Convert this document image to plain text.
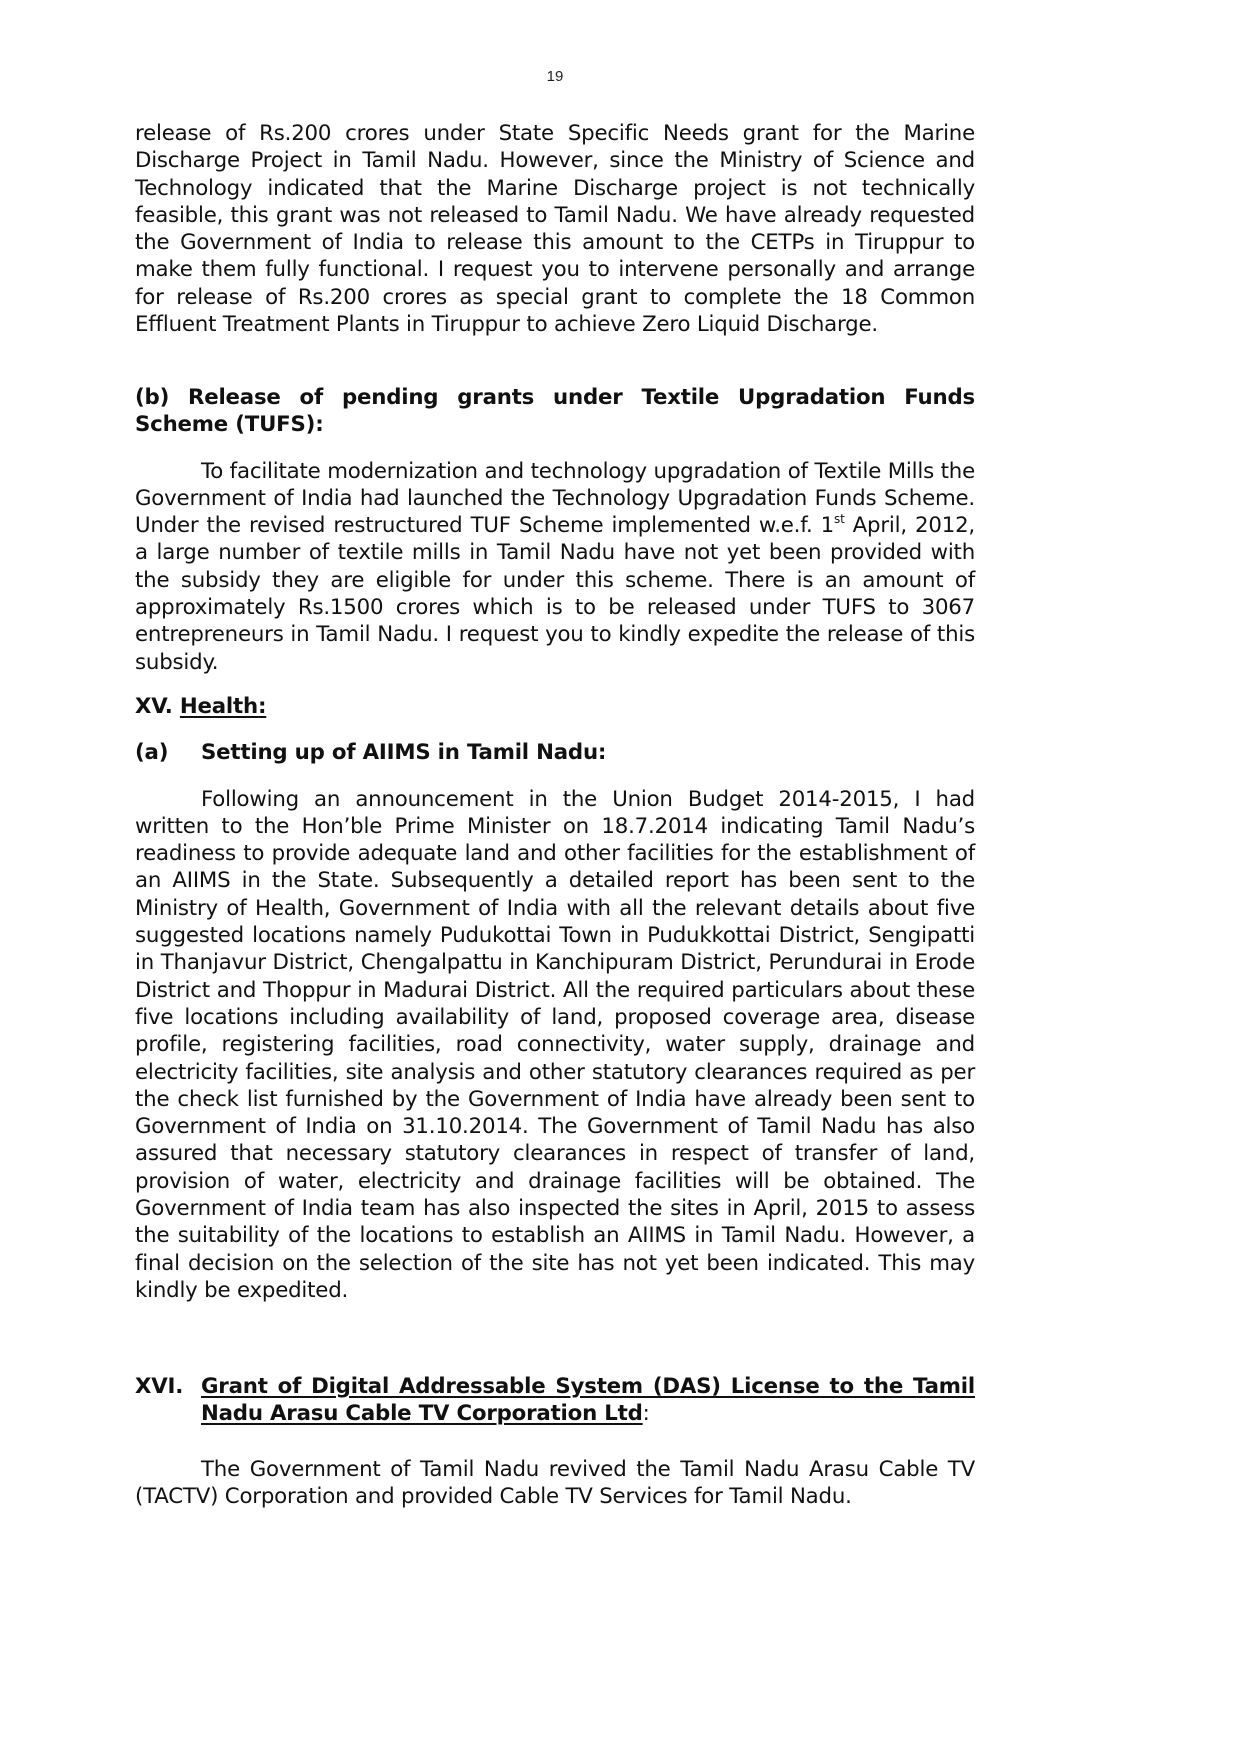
19

release of Rs.200 crores under State Specific Needs grant for the Marine Discharge Project in Tamil Nadu. However, since the Ministry of Science and Technology indicated that the Marine Discharge project is not technically feasible, this grant was not released to Tamil Nadu. We have already requested the Government of India to release this amount to the CETPs in Tiruppur to make them fully functional. I request you to intervene personally and arrange for release of Rs.200 crores as special grant to complete the 18 Common Effluent Treatment Plants in Tiruppur to achieve Zero Liquid Discharge.

(b) Release of pending grants under Textile Upgradation Funds Scheme (TUFS):

To facilitate modernization and technology upgradation of Textile Mills the Government of India had launched the Technology Upgradation Funds Scheme. Under the revised restructured TUF Scheme implemented w.e.f. 1st April, 2012, a large number of textile mills in Tamil Nadu have not yet been provided with the subsidy they are eligible for under this scheme. There is an amount of approximately Rs.1500 crores which is to be released under TUFS to 3067 entrepreneurs in Tamil Nadu. I request you to kindly expedite the release of this subsidy.

XV. Health:

(a)	Setting up of AIIMS in Tamil Nadu:

Following an announcement in the Union Budget 2014-2015, I had written to the Hon’ble Prime Minister on 18.7.2014 indicating Tamil Nadu’s readiness to provide adequate land and other facilities for the establishment of an AIIMS in the State. Subsequently a detailed report has been sent to the Ministry of Health, Government of India with all the relevant details about five suggested locations namely Pudukottai Town in Pudukkottai District, Sengipatti in Thanjavur District, Chengalpattu in Kanchipuram District, Perundurai in Erode District and Thoppur in Madurai District. All the required particulars about these five locations including availability of land, proposed coverage area, disease profile, registering facilities, road connectivity, water supply, drainage and electricity facilities, site analysis and other statutory clearances required as per the check list furnished by the Government of India have already been sent to Government of India on 31.10.2014. The Government of Tamil Nadu has also assured that necessary statutory clearances in respect of transfer of land, provision of water, electricity and drainage facilities will be obtained. The Government of India team has also inspected the sites in April, 2015 to assess the suitability of the locations to establish an AIIMS in Tamil Nadu. However, a final decision on the selection of the site has not yet been indicated. This may kindly be expedited.

XVI. Grant of Digital Addressable System (DAS) License to the Tamil Nadu Arasu Cable TV Corporation Ltd:

The Government of Tamil Nadu revived the Tamil Nadu Arasu Cable TV (TACTV) Corporation and provided Cable TV Services for Tamil Nadu.
